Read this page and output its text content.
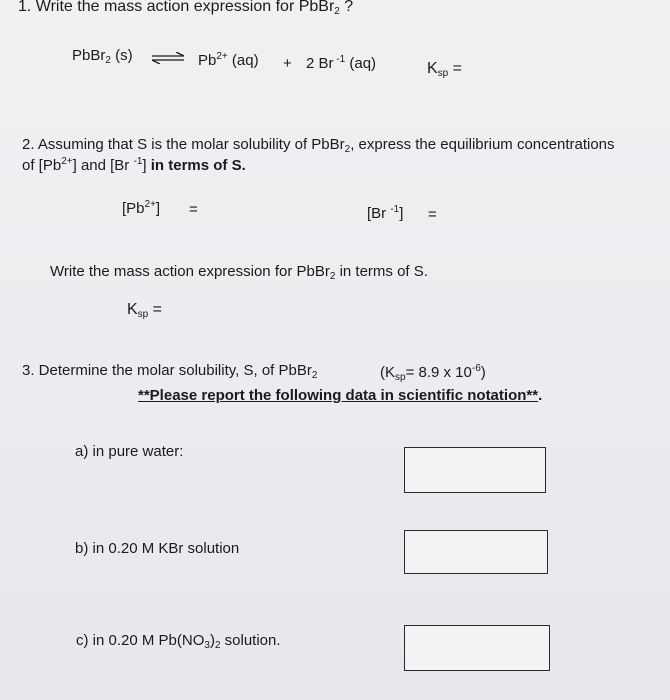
1. Write the mass action expression for PbBr$_2$ ?
PbBr$_2$ (s) ⇌ $Pb^{2+}$ (aq) + 2 Br $^{-1}$ (aq)	$K_{sp}$ =
2. Assuming that S is the molar solubility of PbBr$_2$, express the equilibrium concentrations
of $[Pb^{2+}]$ and [Br $^{-1}$] in terms of S.
$[Pb^{2+}]$ =	[Br $^{-1}$] =
Write the mass action expression for PbBr$_2$ in terms of S.
$K_{sp}$ =
3. Determine the molar solubility, S, of PbBr$_2$	($K_{sp}= 8.9$ x $10^{-6}$)
**Please report the following data in scientific notation**.
a) in pure water:
b) in 0.20 M KBr solution
c) in 0.20 M $Pb(NO_3)_2$ solution.
